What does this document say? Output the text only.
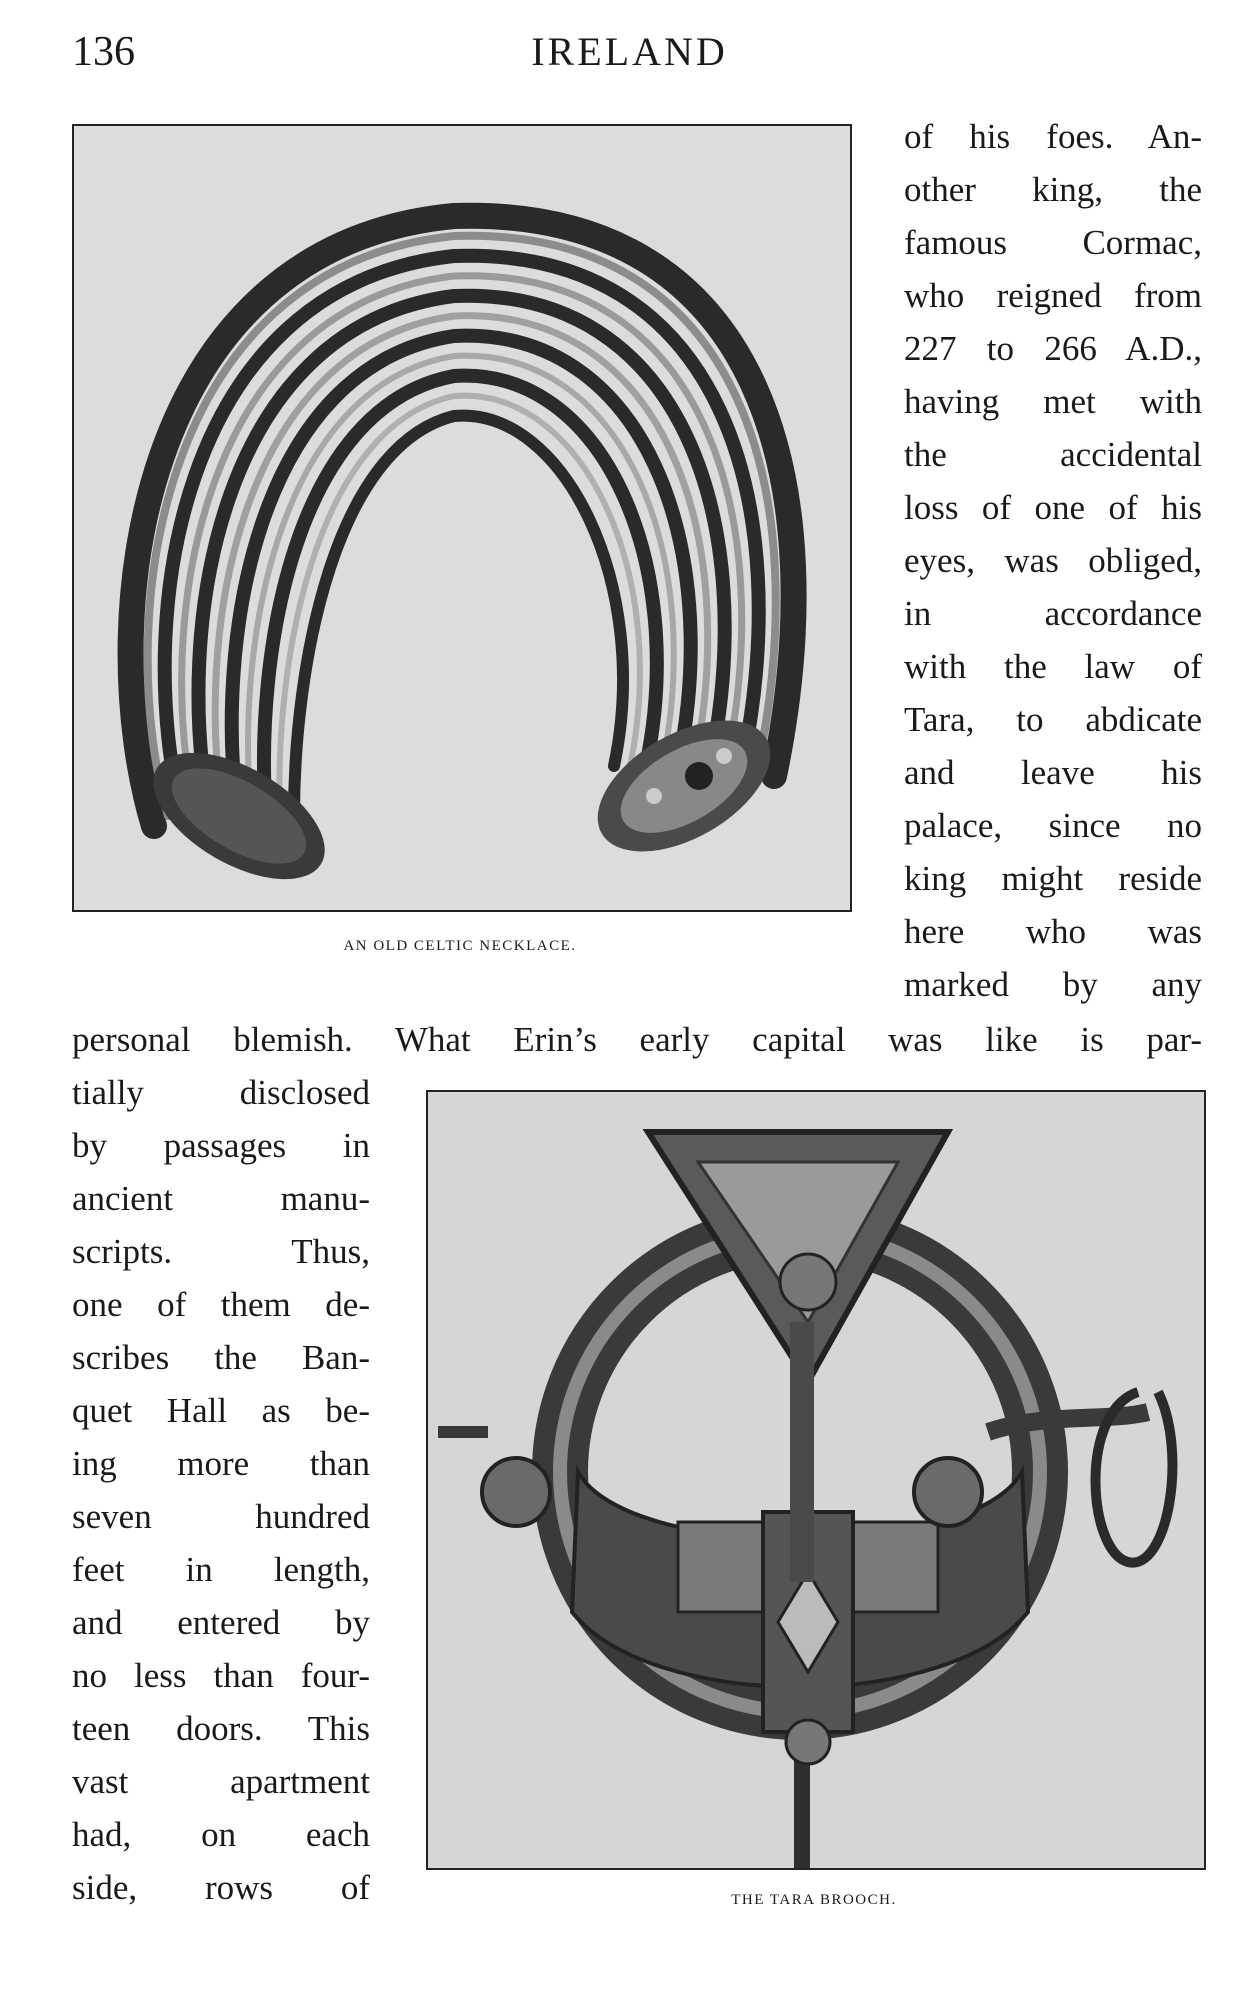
136	IRELAND
AN OLD CELTIC NECKLACE.
of his foes. An-
other king, the
famous Cormac,
who reigned from
227 to 266 A.D.,
having met with
the accidental
loss of one of his
eyes, was obliged,
in accordance
with the law of
Tara, to abdicate
and leave his
palace, since no
king might reside
here who was
marked by any
personal blemish. What Erin’s early capital was like is par-
THE TARA BROOCH.
tially disclosed
by passages in
ancient manu-
scripts. Thus,
one of them de-
scribes the Ban-
quet Hall as be-
ing more than
seven hundred
feet in length,
and entered by
no less than four-
teen doors. This
vast apartment
had, on each
side, rows of
